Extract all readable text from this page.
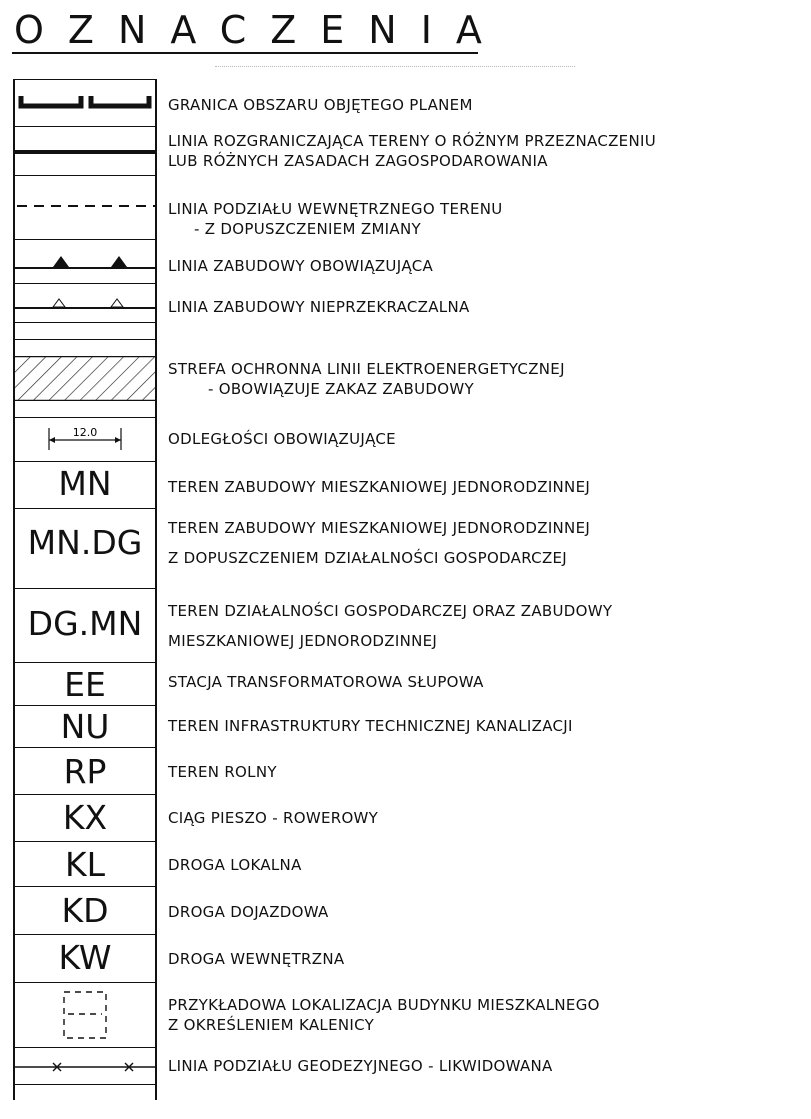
OZNACZENIA
12.0
MN
MN.DG
DG.MN
EE
NU
RP
KX
KL
KD
KW
GRANICA OBSZARU OBJĘTEGO PLANEM
LINIA ROZGRANICZAJĄCA TERENY O RÓŻNYM PRZEZNACZENIU
LUB RÓŻNYCH ZASADACH ZAGOSPODAROWANIA
LINIA PODZIAŁU WEWNĘTRZNEGO TERENU
- Z DOPUSZCZENIEM ZMIANY
LINIA ZABUDOWY OBOWIĄZUJĄCA
LINIA ZABUDOWY NIEPRZEKRACZALNA
STREFA OCHRONNA LINII ELEKTROENERGETYCZNEJ
- OBOWIĄZUJE ZAKAZ ZABUDOWY
ODLEGŁOŚCI OBOWIĄZUJĄCE
TEREN ZABUDOWY MIESZKANIOWEJ JEDNORODZINNEJ
TEREN ZABUDOWY MIESZKANIOWEJ JEDNORODZINNEJ
Z DOPUSZCZENIEM DZIAŁALNOŚCI GOSPODARCZEJ
TEREN DZIAŁALNOŚCI GOSPODARCZEJ ORAZ ZABUDOWY
MIESZKANIOWEJ JEDNORODZINNEJ
STACJA TRANSFORMATOROWA SŁUPOWA
TEREN INFRASTRUKTURY TECHNICZNEJ KANALIZACJI
TEREN ROLNY
CIĄG PIESZO - ROWEROWY
DROGA LOKALNA
DROGA DOJAZDOWA
DROGA WEWNĘTRZNA
PRZYKŁADOWA LOKALIZACJA BUDYNKU MIESZKALNEGO
Z OKREŚLENIEM KALENICY
LINIA PODZIAŁU GEODEZYJNEGO - LIKWIDOWANA
